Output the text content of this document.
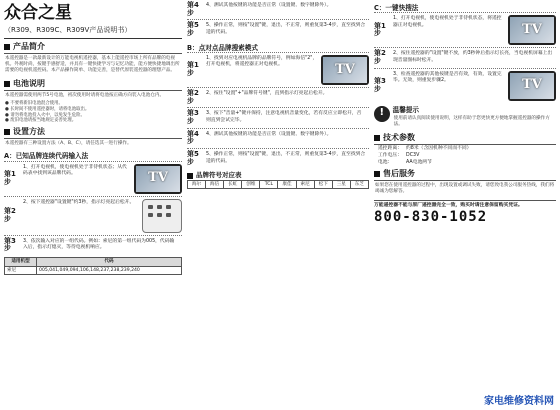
众合之星
（R309、R309C、R309V产品说明书）
产品简介
本遥控器是一款最新设计的万能电视机遥控器，基本上能遥控市场上所有品牌的电视机。外观时尚，按键手感舒适，并具有一键快捷学习与记忆功能，能方便快捷地调出所需要的电视机遥控码。本产品操作简单、功能完善，是替代原装遥控器的理想产品。
电池说明
本遥控器需使用两节5号电池，初次使用时请将电池按正确方向装入电池仓内。
● 不要将新旧电池混合使用。
● 长时间不使用遥控器时，请将电池取出。
● 请勿将电池投入火中，以免发生危险。
● 废旧电池请按当地规定妥善处理。
设置方法
本遥控器有三种设置方法（A、B、C），请任选其一进行操作。
A：已知品牌连续代码输入法
第1步
1、打开电视机，使电视机处于非待机状态；从代码表中找到该品牌代码。	TV
第2步
2、按下遥控器"设置键"约3秒，指示灯亮起后松开。
第3步
3、依次输入对应的一组代码。例如：索尼的第一组代码为005，代码输入后，指示灯熄灭，等待电视机响应。
适用机型	代码
索尼	005,041,049,094,106,148,237,238,239,240
第4步
4、测试其他按键的功能是否正常（设置键、数字键除外）。
第5步
5、操作正常，则按"设置"键，退出，不正常，则重复第3-4步，直至找到合适的代码。
B：点对点品牌搜索模式
第1步
1、找到对应电视机品牌的品牌符号，例如海信"2"，打开电视机，将遥控器正对电视机。	TV
第2步
2、按住"设置"+"品牌符号键"，直到指示灯亮起后松开。
第3步
3、按下"音量+"键并保持，注意电视机音量变化，若有反应立即松开，否则直到尝试完毕。
第4步
4、测试其他按键的功能是否正常（设置键、数字键除外）。
第5步
5、操作正常，则按"设置"键，退出，不正常，则重复第3-4步，直至找到合适的代码。
品牌符号对应表
海尔	海信	长虹	创维	TCL	康佳	索尼	松下	三星	东芝
C：一键快搜法
第1步
1、打开电视机，使电视机处于非待机状态，将遥控器正对电视机。	TV
第2步
2、按住遥控器的"设置"键不放，约3秒钟后指示灯长亮，当电视机屏幕上出现音量图标时松开。
第3步
3、检查遥控器的其他按键是否有效，有效，设置完毕。无效，则重复步骤2。	TV
!	温馨提示
使用前请认真阅读使用说明，这样有助于您更快更方便地掌握遥控器的操作方法。
技术参数
遥控距离： 约8米（含因机种不同而不同）
工作电压： DC3V
电池：	AA电池两节
售后服务
如果您在使用遥控器的过程中，出现设置或调试失败，请您致电我公司服务热线，我们将竭诚为您解答。
万能遥控器不能与原厂遥控器完全一致，购买时请注意保留购买凭证。
800-830-1052
家电维修资料网
